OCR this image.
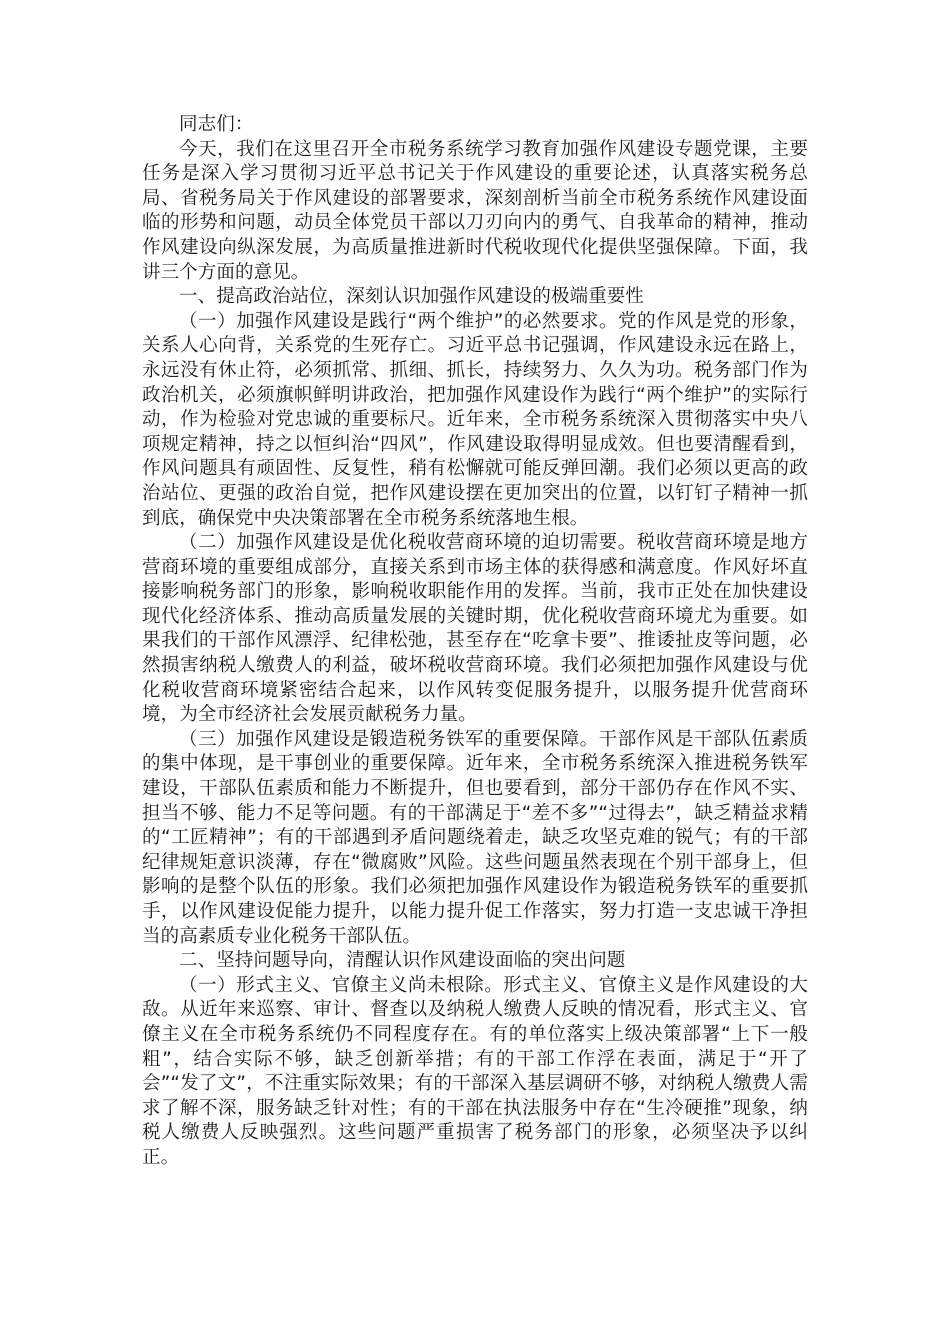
同志们：

今天，我们在这里召开全市税务系统学习教育加强作风建设专题党课，主要任务是深入学习贯彻习近平总书记关于作风建设的重要论述，认真落实税务总局、省税务局关于作风建设的部署要求，深刻剖析当前全市税务系统作风建设面临的形势和问题，动员全体党员干部以刀刃向内的勇气、自我革命的精神，推动作风建设向纵深发展，为高质量推进新时代税收现代化提供坚强保障。下面，我讲三个方面的意见。

一、提高政治站位，深刻认识加强作风建设的极端重要性

（一）加强作风建设是践行“两个维护”的必然要求。党的作风是党的形象，关系人心向背，关系党的生死存亡。习近平总书记强调，作风建设永远在路上，永远没有休止符，必须抓常、抓细、抓长，持续努力、久久为功。税务部门作为政治机关，必须旗帜鲜明讲政治，把加强作风建设作为践行“两个维护”的实际行动，作为检验对党忠诚的重要标尺。近年来，全市税务系统深入贯彻落实中央八项规定精神，持之以恒纠治“四风”，作风建设取得明显成效。但也要清醒看到，作风问题具有顽固性、反复性，稍有松懈就可能反弹回潮。我们必须以更高的政治站位、更强的政治自觉，把作风建设摆在更加突出的位置，以钉钉子精神一抓到底，确保党中央决策部署在全市税务系统落地生根。

（二）加强作风建设是优化税收营商环境的迫切需要。税收营商环境是地方营商环境的重要组成部分，直接关系到市场主体的获得感和满意度。作风好坏直接影响税务部门的形象，影响税收职能作用的发挥。当前，我市正处在加快建设现代化经济体系、推动高质量发展的关键时期，优化税收营商环境尤为重要。如果我们的干部作风漂浮、纪律松弛，甚至存在“吃拿卡要”、推诿扯皮等问题，必然损害纳税人缴费人的利益，破坏税收营商环境。我们必须把加强作风建设与优化税收营商环境紧密结合起来，以作风转变促服务提升，以服务提升优营商环境，为全市经济社会发展贡献税务力量。

（三）加强作风建设是锻造税务铁军的重要保障。干部作风是干部队伍素质的集中体现，是干事创业的重要保障。近年来，全市税务系统深入推进税务铁军建设，干部队伍素质和能力不断提升，但也要看到，部分干部仍存在作风不实、担当不够、能力不足等问题。有的干部满足于“差不多”“过得去”，缺乏精益求精的“工匠精神”；有的干部遇到矛盾问题绕着走，缺乏攻坚克难的锐气；有的干部纪律规矩意识淡薄，存在“微腐败”风险。这些问题虽然表现在个别干部身上，但影响的是整个队伍的形象。我们必须把加强作风建设作为锻造税务铁军的重要抓手，以作风建设促能力提升，以能力提升促工作落实，努力打造一支忠诚干净担当的高素质专业化税务干部队伍。

二、坚持问题导向，清醒认识作风建设面临的突出问题

（一）形式主义、官僚主义尚未根除。形式主义、官僚主义是作风建设的大敌。从近年来巡察、审计、督查以及纳税人缴费人反映的情况看，形式主义、官僚主义在全市税务系统仍不同程度存在。有的单位落实上级决策部署“上下一般粗”，结合实际不够，缺乏创新举措；有的干部工作浮在表面，满足于“开了会”“发了文”，不注重实际效果；有的干部深入基层调研不够，对纳税人缴费人需求了解不深，服务缺乏针对性；有的干部在执法服务中存在“生冷硬推”现象，纳税人缴费人反映强烈。这些问题严重损害了税务部门的形象，必须坚决予以纠正。
